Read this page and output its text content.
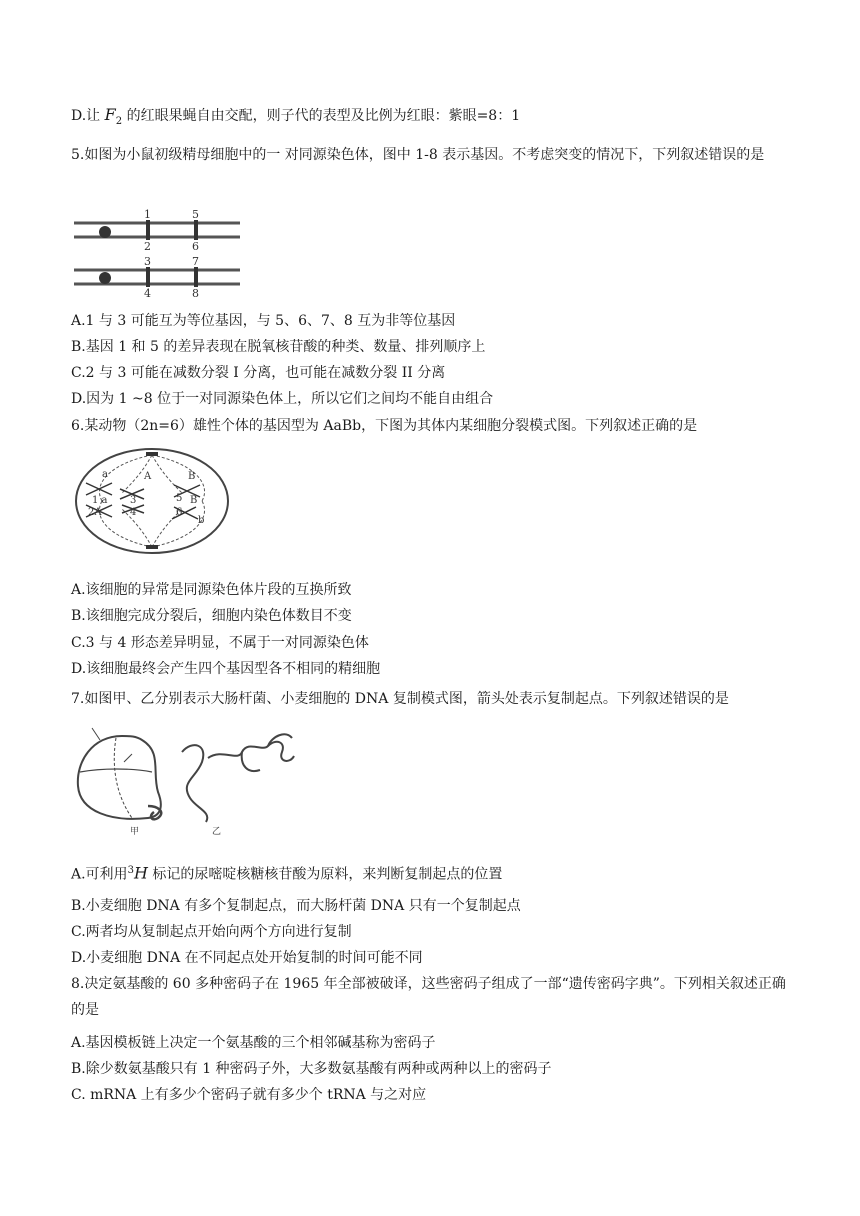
D.让 $F_2$ 的红眼果蝇自由交配，则子代的表型及比例为红眼：紫眼=8：1
5.如图为小鼠初级精母细胞中的一 对同源染色体，图中 1-8 表示基因。不考虑突变的情况下，下列叙述错误的是
1
2
3
4
5
6
7
8
A.1 与 3 可能互为等位基因，与 5、6、7、8 互为非等位基因
B.基因 1 和 5 的差异表现在脱氧核苷酸的种类、数量、排列顺序上
C.2 与 3 可能在减数分裂 I 分离，也可能在减数分裂 II 分离
D.因为 1 ~8 位于一对同源染色体上，所以它们之间均不能自由组合
6.某动物（2n=6）雄性个体的基因型为 AaBb，下图为其体内某细胞分裂模式图。下列叙述正确的是
a	A	B
1 a 3	5 B
2A	4	6
b
A.该细胞的异常是同源染色体片段的互换所致
B.该细胞完成分裂后，细胞内染色体数目不变
C.3 与 4 形态差异明显，不属于一对同源染色体
D.该细胞最终会产生四个基因型各不相同的精细胞
7.如图甲、乙分别表示大肠杆菌、小麦细胞的 DNA 复制模式图，箭头处表示复制起点。下列叙述错误的是
甲	乙
A.可利用$^3$H 标记的尿嘧啶核糖核苷酸为原料，来判断复制起点的位置
B.小麦细胞 DNA 有多个复制起点，而大肠杆菌 DNA 只有一个复制起点
C.两者均从复制起点开始向两个方向进行复制
D.小麦细胞 DNA 在不同起点处开始复制的时间可能不同
8.决定氨基酸的 60 多种密码子在 1965 年全部被破译，这些密码子组成了一部“遗传密码字典”。下列相关叙述正确的是
A.基因模板链上决定一个氨基酸的三个相邻碱基称为密码子
B.除少数氨基酸只有 1 种密码子外，大多数氨基酸有两种或两种以上的密码子
C. mRNA 上有多少个密码子就有多少个 tRNA 与之对应
